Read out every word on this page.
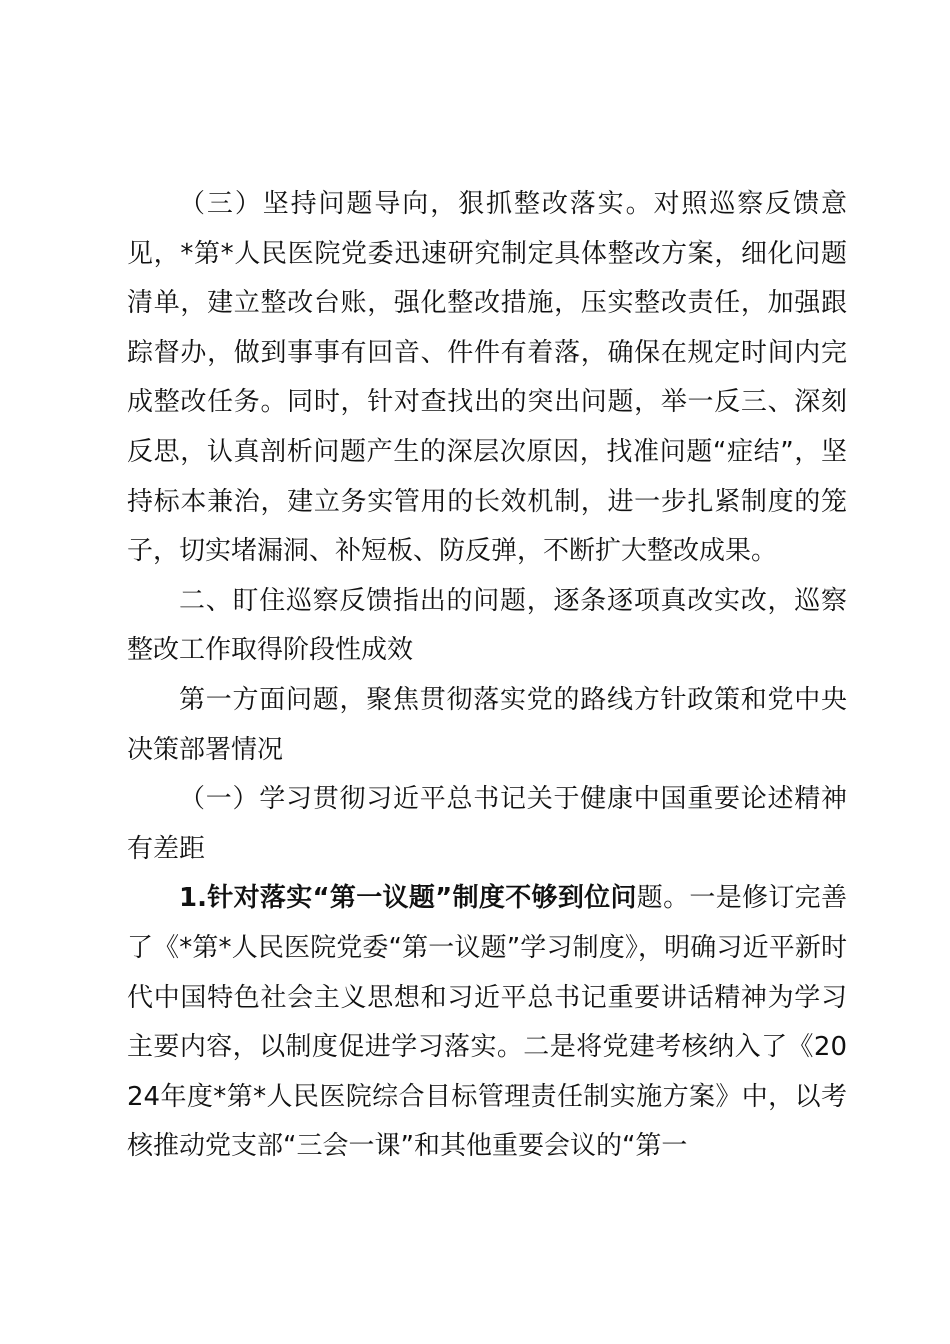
（三）坚持问题导向，狠抓整改落实。对照巡察反馈意见，*第*人民医院党委迅速研究制定具体整改方案，细化问题清单，建立整改台账，强化整改措施，压实整改责任，加强跟踪督办，做到事事有回音、件件有着落，确保在规定时间内完成整改任务。同时，针对查找出的突出问题，举一反三、深刻反思，认真剖析问题产生的深层次原因，找准问题“症结”，坚持标本兼治，建立务实管用的长效机制，进一步扎紧制度的笼子，切实堵漏洞、补短板、防反弹，不断扩大整改成果。

二、盯住巡察反馈指出的问题，逐条逐项真改实改，巡察整改工作取得阶段性成效

第一方面问题，聚焦贯彻落实党的路线方针政策和党中央决策部署情况

（一）学习贯彻习近平总书记关于健康中国重要论述精神有差距

1.针对落实“第一议题”制度不够到位问题。一是修订完善了《*第*人民医院党委“第一议题”学习制度》，明确习近平新时代中国特色社会主义思想和习近平总书记重要讲话精神为学习主要内容，以制度促进学习落实。二是将党建考核纳入了《2024年度*第*人民医院综合目标管理责任制实施方案》中，以考核推动党支部“三会一课”和其他重要会议的“第一
